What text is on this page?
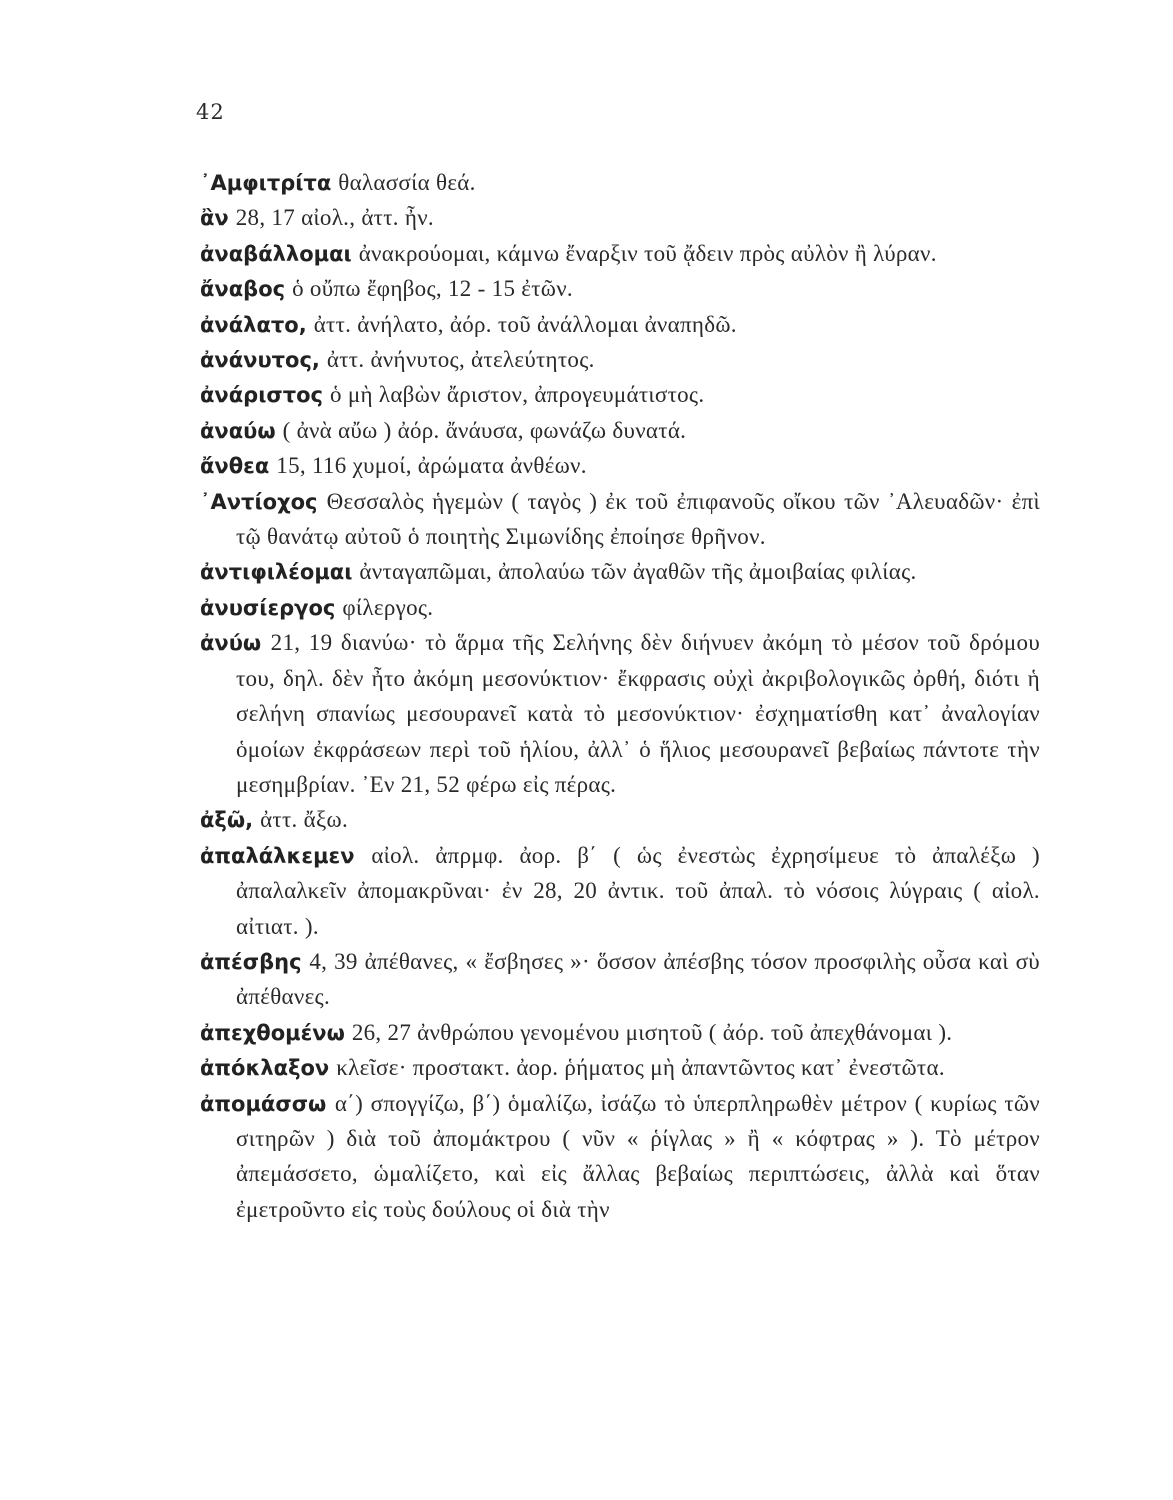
42
᾽Αμφιτρίτα θαλασσία θεά.
ἂν 28, 17 αἰολ., ἀττ. ἦν.
ἀναβάλλομαι ἀνακρούομαι, κάμνω ἔναρξιν τοῦ ᾄδειν πρὸς αὐλὸν ἢ λύραν.
ἄναβος ὁ οὔπω ἔφηβος, 12 - 15 ἐτῶν.
ἀνάλατο, ἀττ. ἀνήλατο, ἀόρ. τοῦ ἀνάλλομαι ἀναπηδῶ.
ἀνάνυτος, ἀττ. ἀνήνυτος, ἀτελεύτητος.
ἀνάριστος ὁ μὴ λαβὼν ἄριστον, ἀπρογευμάτιστος.
ἀναύω ( ἀνὰ αὔω ) ἀόρ. ἄνάυσα, φωνάζω δυνατά.
ἄνθεα 15, 116 χυμοί, ἀρώματα ἀνθέων.
᾽Αντίοχος Θεσσαλὸς ἡγεμὼν ( ταγὸς ) ἐκ τοῦ ἐπιφανοῦς οἴκου τῶν ᾽Αλευαδῶν· ἐπὶ τῷ θανάτῳ αὐτοῦ ὁ ποιητὴς Σιμωνίδης ἐποίησε θρῆνον.
ἀντιφιλέομαι ἀνταγαπῶμαι, ἀπολαύω τῶν ἀγαθῶν τῆς ἀμοιβαίας φιλίας.
ἀνυσίεργος φίλεργος.
ἀνύω 21, 19 διανύω· τὸ ἅρμα τῆς Σελήνης δὲν διήνυεν ἀκόμη τὸ μέσον τοῦ δρόμου του, δηλ. δὲν ἦτο ἀκόμη μεσονύκτιον· ἔκφρασις οὐχὶ ἀκριβολογικῶς ὀρθή, διότι ἡ σελήνη σπανίως μεσουρανεῖ κατὰ τὸ μεσονύκτιον· ἐσχηματίσθη κατ᾽ ἀναλογίαν ὁμοίων ἐκφράσεων περὶ τοῦ ἡλίου, ἀλλ᾽ ὁ ἥλιος μεσουρανεῖ βεβαίως πάντοτε τὴν μεσημβρίαν. ᾽Εν 21, 52 φέρω εἰς πέρας.
ἀξῶ, ἀττ. ἄξω.
ἀπαλάλκεμεν αἰολ. ἀπρμφ. ἀορ. β΄ ( ὡς ἐνεστὼς ἐχρησίμευε τὸ ἀπαλέξω ) ἀπαλαλκεῖν ἀπομακρῦναι· ἐν 28, 20 ἀντικ. τοῦ ἀπαλ. τὸ νόσοις λύγραις ( αἰολ. αἰτιατ. ).
ἀπέσβης 4, 39 ἀπέθανες, « ἔσβησες »· ὅσσον ἀπέσβης τόσον προσφιλὴς οὖσα καὶ σὺ ἀπέθανες.
ἀπεχθομένω 26, 27 ἀνθρώπου γενομένου μισητοῦ ( ἀόρ. τοῦ ἀπεχθάνομαι ).
ἀπόκλαξον κλεῖσε· προστακτ. ἀορ. ῥήματος μὴ ἀπαντῶντος κατ᾽ ἐνεστῶτα.
ἀπομάσσω α΄) σπογγίζω, β΄) ὁμαλίζω, ἰσάζω τὸ ὑπερπληρωθὲν μέτρον ( κυρίως τῶν σιτηρῶν ) διὰ τοῦ ἀπομάκτρου ( νῦν « ῥίγλας » ἢ « κόφτρας » ). Τὸ μέτρον ἀπεμάσσετο, ὡμαλίζετο, καὶ εἰς ἄλλας βεβαίως περιπτώσεις, ἀλλὰ καὶ ὅταν ἐμετροῦντο εἰς τοὺς δούλους οἱ διὰ τὴν
